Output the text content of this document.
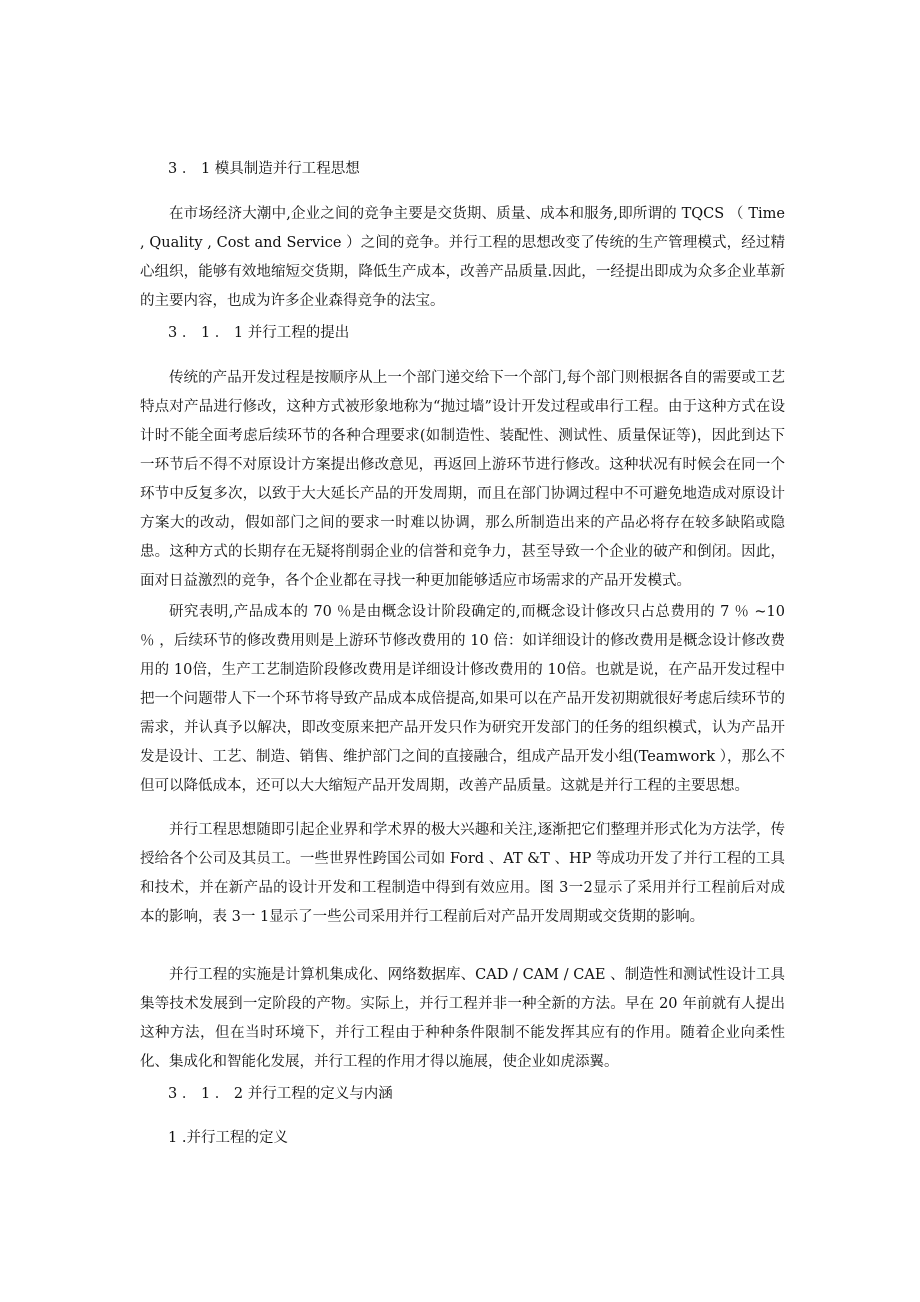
3 ． 1 模具制造并行工程思想

在市场经济大潮中,企业之间的竞争主要是交货期、质量、成本和服务,即所谓的 TQCS （ Time , Quality , Cost and Service ）之间的竞争。并行工程的思想改变了传统的生产管理模式，经过精心组织，能够有效地缩短交货期，降低生产成本，改善产品质量.因此，一经提出即成为众多企业革新的主要内容，也成为许多企业森得竞争的法宝。

3 ． 1 ． 1 并行工程的提出

传统的产品开发过程是按顺序从上一个部门递交给下一个部门,每个部门则根据各自的需要或工艺特点对产品进行修改，这种方式被形象地称为“抛过墙”设计开发过程或串行工程。由于这种方式在设计时不能全面考虑后续环节的各种合理要求(如制造性、装配性、测试性、质量保证等)，因此到达下一环节后不得不对原设计方案提出修改意见，再返回上游环节进行修改。这种状况有时候会在同一个环节中反复多次，以致于大大延长产品的开发周期，而且在部门协调过程中不可避免地造成对原设计方案大的改动，假如部门之间的要求一时难以协调，那么所制造出来的产品必将存在较多缺陷或隐患。这种方式的长期存在无疑将削弱企业的信誉和竞争力，甚至导致一个企业的破产和倒闭。因此，面对日益激烈的竞争，各个企业都在寻找一种更加能够适应市场需求的产品开发模式。

研究表明,产品成本的 70 ％是由概念设计阶段确定的,而概念设计修改只占总费用的 7 ％ ~10 ％ ，后续环节的修改费用则是上游环节修改费用的 10 倍：如详细设计的修改费用是概念设计修改费用的 10倍，生产工艺制造阶段修改费用是详细设计修改费用的 10倍。也就是说，在产品开发过程中把一个问题带人下一个环节将导致产品成本成倍提高,如果可以在产品开发初期就很好考虑后续环节的需求，并认真予以解决，即改变原来把产品开发只作为研究开发部门的任务的组织模式，认为产品开发是设计、工艺、制造、销售、维护部门之间的直接融合，组成产品开发小组(Teamwork ），那么不但可以降低成本，还可以大大缩短产品开发周期，改善产品质量。这就是并行工程的主要思想。

并行工程思想随即引起企业界和学术界的极大兴趣和关注,逐渐把它们整理并形式化为方法学，传授给各个公司及其员工。一些世界性跨国公司如 Ford 、AT &T 、HP 等成功开发了并行工程的工具和技术，并在新产品的设计开发和工程制造中得到有效应用。图 3一2显示了采用并行工程前后对成本的影响，表 3一 1显示了一些公司采用并行工程前后对产品开发周期或交货期的影响。

并行工程的实施是计算机集成化、网络数据库、CAD / CAM / CAE 、制造性和测试性设计工具集等技术发展到一定阶段的产物。实际上，并行工程并非一种全新的方法。早在 20 年前就有人提出这种方法，但在当时环境下，并行工程由于种种条件限制不能发挥其应有的作用。随着企业向柔性化、集成化和智能化发展，并行工程的作用才得以施展，使企业如虎添翼。

3 ． 1 ． 2 并行工程的定义与内涵

1 .并行工程的定义
